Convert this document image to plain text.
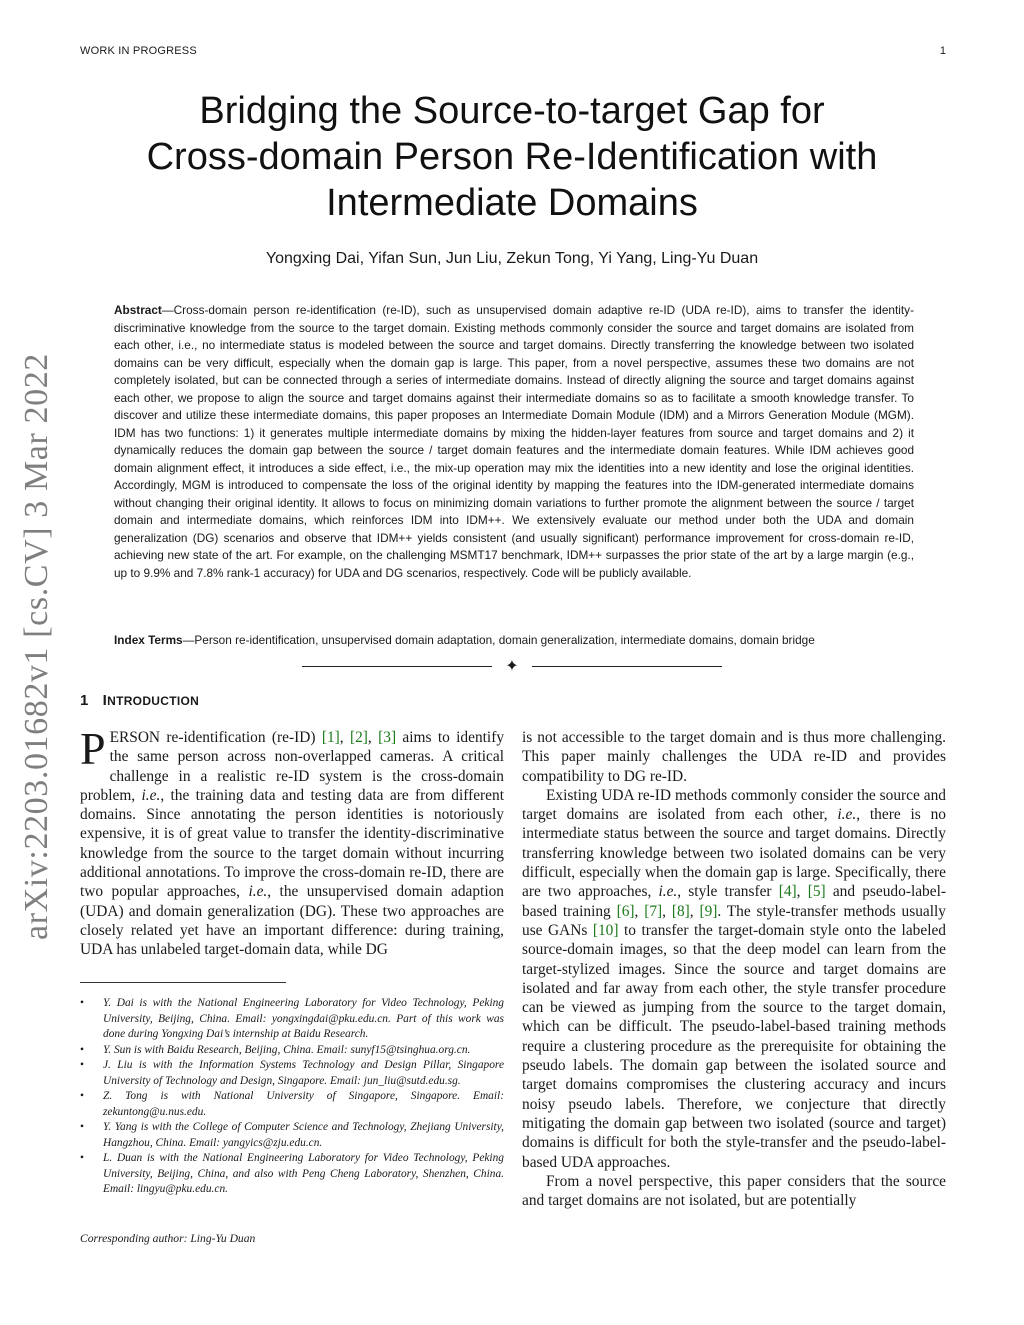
WORK IN PROGRESS	1
arXiv:2203.01682v1 [cs.CV] 3 Mar 2022
Bridging the Source-to-target Gap for
Cross-domain Person Re-Identification with
Intermediate Domains
Yongxing Dai, Yifan Sun, Jun Liu, Zekun Tong, Yi Yang, Ling-Yu Duan

Abstract—Cross-domain person re-identification (re-ID), such as unsupervised domain adaptive re-ID (UDA re-ID), aims to transfer the identity-discriminative knowledge from the source to the target domain. Existing methods commonly consider the source and target domains are isolated from each other, i.e., no intermediate status is modeled between the source and target domains. Directly transferring the knowledge between two isolated domains can be very difficult, especially when the domain gap is large. This paper, from a novel perspective, assumes these two domains are not completely isolated, but can be connected through a series of intermediate domains. Instead of directly aligning the source and target domains against each other, we propose to align the source and target domains against their intermediate domains so as to facilitate a smooth knowledge transfer. To discover and utilize these intermediate domains, this paper proposes an Intermediate Domain Module (IDM) and a Mirrors Generation Module (MGM). IDM has two functions: 1) it generates multiple intermediate domains by mixing the hidden-layer features from source and target domains and 2) it dynamically reduces the domain gap between the source / target domain features and the intermediate domain features. While IDM achieves good domain alignment effect, it introduces a side effect, i.e., the mix-up operation may mix the identities into a new identity and lose the original identities. Accordingly, MGM is introduced to compensate the loss of the original identity by mapping the features into the IDM-generated intermediate domains without changing their original identity. It allows to focus on minimizing domain variations to further promote the alignment between the source / target domain and intermediate domains, which reinforces IDM into IDM++. We extensively evaluate our method under both the UDA and domain generalization (DG) scenarios and observe that IDM++ yields consistent (and usually significant) performance improvement for cross-domain re-ID, achieving new state of the art. For example, on the challenging MSMT17 benchmark, IDM++ surpasses the prior state of the art by a large margin (e.g., up to 9.9% and 7.8% rank-1 accuracy) for UDA and DG scenarios, respectively. Code will be publicly available.

Index Terms—Person re-identification, unsupervised domain adaptation, domain generalization, intermediate domains, domain bridge

✦
1 INTRODUCTION

PERSON re-identification (re-ID) [1], [2], [3] aims to identify the same person across non-overlapped cameras. A critical challenge in a realistic re-ID system is the cross-domain problem, i.e., the training data and testing data are from different domains. Since annotating the person identities is notoriously expensive, it is of great value to transfer the identity-discriminative knowledge from the source to the target domain without incurring additional annotations. To improve the cross-domain re-ID, there are two popular approaches, i.e., the unsupervised domain adaption (UDA) and domain generalization (DG). These two approaches are closely related yet have an important difference: during training, UDA has unlabeled target-domain data, while DG

• Y. Dai is with the National Engineering Laboratory for Video Technology, Peking University, Beijing, China. Email: yongxingdai@pku.edu.cn. Part of this work was done during Yongxing Dai’s internship at Baidu Research.
• Y. Sun is with Baidu Research, Beijing, China. Email: sunyf15@tsinghua.org.cn.
• J. Liu is with the Information Systems Technology and Design Pillar, Singapore University of Technology and Design, Singapore. Email: jun_liu@sutd.edu.sg.
• Z. Tong is with National University of Singapore, Singapore. Email: zekuntong@u.nus.edu.
• Y. Yang is with the College of Computer Science and Technology, Zhejiang University, Hangzhou, China. Email: yangyics@zju.edu.cn.
• L. Duan is with the National Engineering Laboratory for Video Technology, Peking University, Beijing, China, and also with Peng Cheng Laboratory, Shenzhen, China. Email: lingyu@pku.edu.cn.
Corresponding author: Ling-Yu Duan

is not accessible to the target domain and is thus more challenging. This paper mainly challenges the UDA re-ID and provides compatibility to DG re-ID.

Existing UDA re-ID methods commonly consider the source and target domains are isolated from each other, i.e., there is no intermediate status between the source and target domains. Directly transferring knowledge between two isolated domains can be very difficult, especially when the domain gap is large. Specifically, there are two approaches, i.e., style transfer [4], [5] and pseudo-label-based training [6], [7], [8], [9]. The style-transfer methods usually use GANs [10] to transfer the target-domain style onto the labeled source-domain images, so that the deep model can learn from the target-stylized images. Since the source and target domains are isolated and far away from each other, the style transfer procedure can be viewed as jumping from the source to the target domain, which can be difficult. The pseudo-label-based training methods require a clustering procedure as the prerequisite for obtaining the pseudo labels. The domain gap between the isolated source and target domains compromises the clustering accuracy and incurs noisy pseudo labels. Therefore, we conjecture that directly mitigating the domain gap between two isolated (source and target) domains is difficult for both the style-transfer and the pseudo-label-based UDA approaches.

From a novel perspective, this paper considers that the source and target domains are not isolated, but are potentially
